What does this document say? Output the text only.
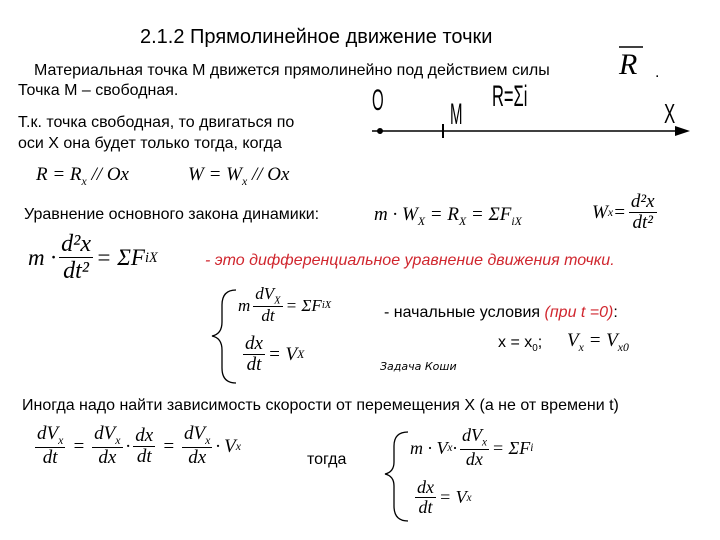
2.1.2 Прямолинейное движение точки
Материальная точка М движется прямолинейно под действием силы R .
Точка М – свободная.	O M
R=Σi
X
Т.к. точка свободная, то двигаться по
оси Х она будет только тогда, когда
$R = R_x // Ox$	$W = W_x // Ox$
Уравнение основного закона динамики:	$m \cdot W_X = R_X = \Sigma F_{iX}$	W $x = \frac{\text{d²x}}{\text{dt²}}$
$m \cdot \frac{\text{d²x}}{\text{dt²}} = \Sigma F$ iX	- это дифференциальное уравнение движения точки.
m $\frac{dV_X}{dt} = \Sigma F$ iX
$\frac{dx}{dt} = V$ X
- начальные условия (при t =0):
$x = x_0$; $V_x = V_{x0}$
Задача Коши
Иногда надо найти зависимость скорости от перемещения X (а не от времени t)
$\frac{dV_x}{dt} = \frac{dV_x}{dx} \cdot \frac{dx}{dt} = \frac{dV_x}{dx} \cdot V$ x
тогда
m · V $x \cdot \frac{dV_x}{dx} = \Sigma F$ i
$\frac{dx}{dt} = V$ x
